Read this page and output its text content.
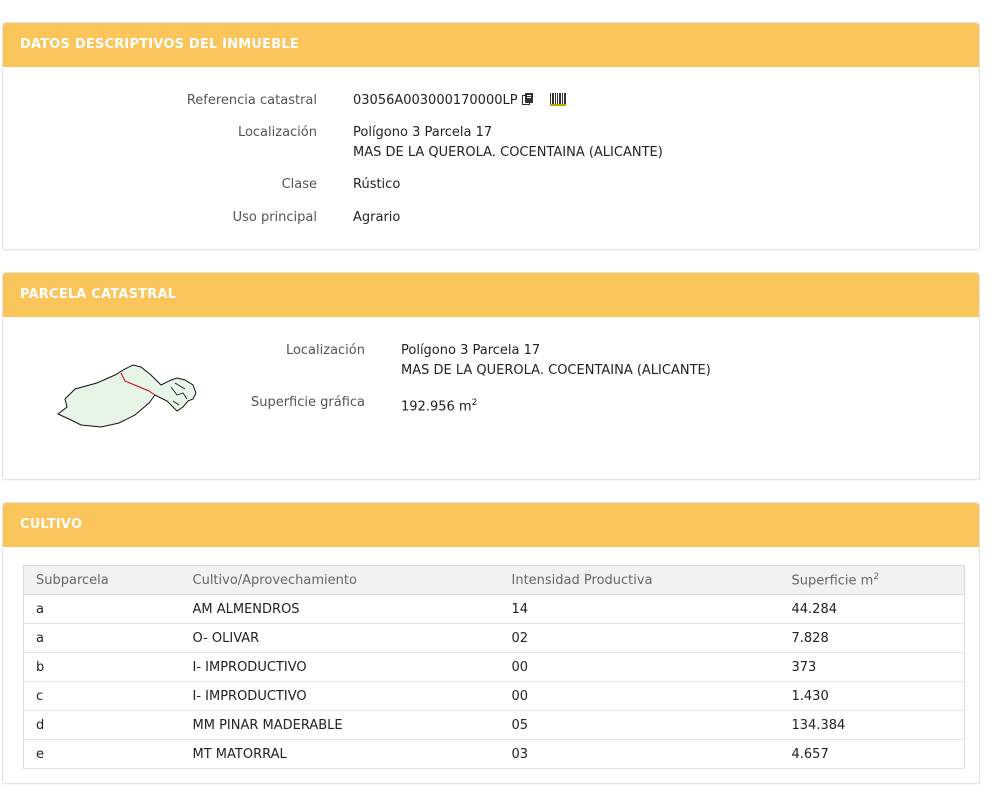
DATOS DESCRIPTIVOS DEL INMUEBLE
Referencia catastral	03056A003000170000LP
Localización	Polígono 3 Parcela 17
MAS DE LA QUEROLA. COCENTAINA (ALICANTE)
Clase	Rústico
Uso principal	Agrario
PARCELA CATASTRAL
Localización	Polígono 3 Parcela 17
MAS DE LA QUEROLA. COCENTAINA (ALICANTE)
Superficie gráfica	192.956 $m^2$
CULTIVO
Subparcela	Cultivo/Aprovechamiento	Intensidad Productiva	Superficie $m^2$
a	AM ALMENDROS	14	44.284
a	O- OLIVAR	02	7.828
b	I- IMPRODUCTIVO	00	373
c	I- IMPRODUCTIVO	00	1.430
d	MM PINAR MADERABLE	05	134.384
e	MT MATORRAL	03	4.657
